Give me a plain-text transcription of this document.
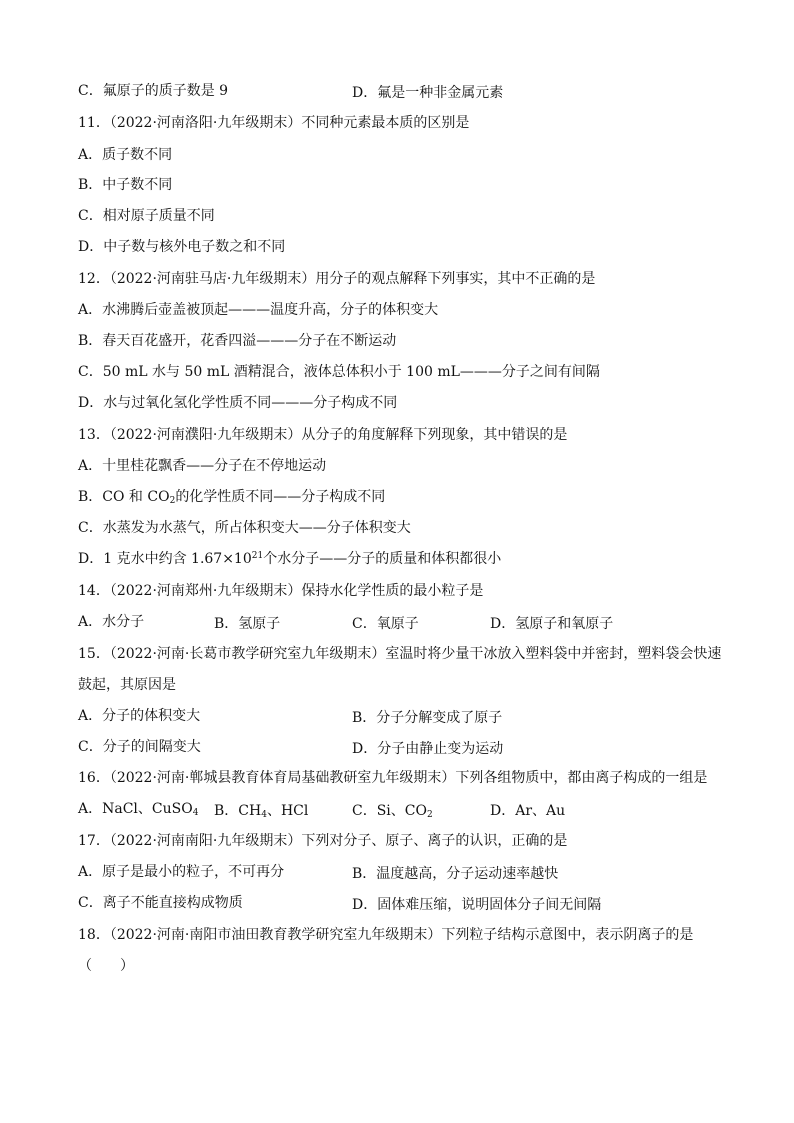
C．氟原子的质子数是 9	D．氟是一种非金属元素
11．（2022·河南洛阳·九年级期末）不同种元素最本质的区别是
A．质子数不同
B．中子数不同
C．相对原子质量不同
D．中子数与核外电子数之和不同
12．（2022·河南驻马店·九年级期末）用分子的观点解释下列事实，其中不正确的是
A．水沸腾后壶盖被顶起———温度升高，分子的体积变大
B．春天百花盛开，花香四溢———分子在不断运动
C．50 mL 水与 50 mL 酒精混合，液体总体积小于 100 mL———分子之间有间隔
D．水与过氧化氢化学性质不同———分子构成不同
13．（2022·河南濮阳·九年级期末）从分子的角度解释下列现象，其中错误的是
A．十里桂花飘香——分子在不停地运动
B．CO 和 $CO_2$的化学性质不同——分子构成不同
C．水蒸发为水蒸气，所占体积变大——分子体积变大
D．1 克水中约含 $1.67\times 10^{21}$个水分子——分子的质量和体积都很小
14．（2022·河南郑州·九年级期末）保持水化学性质的最小粒子是
A．水分子	B．氢原子	C．氧原子	D．氢原子和氧原子
15．（2022·河南·长葛市教学研究室九年级期末）室温时将少量干冰放入塑料袋中并密封，塑料袋会快速
鼓起，其原因是
A．分子的体积变大	B．分子分解变成了原子
C．分子的间隔变大	D．分子由静止变为运动
16．（2022·河南·郸城县教育体育局基础教研室九年级期末）下列各组物质中，都由离子构成的一组是
A．NaCl、CuSO$_4$ B．$CH_4$、HCl	C．Si、$CO_2$	D．Ar、Au
17．（2022·河南南阳·九年级期末）下列对分子、原子、离子的认识，正确的是
A．原子是最小的粒子，不可再分	B．温度越高，分子运动速率越快
C．离子不能直接构成物质	D．固体难压缩，说明固体分子间无间隔
18．（2022·河南·南阳市油田教育教学研究室九年级期末）下列粒子结构示意图中，表示阴离子的是
（　　）
